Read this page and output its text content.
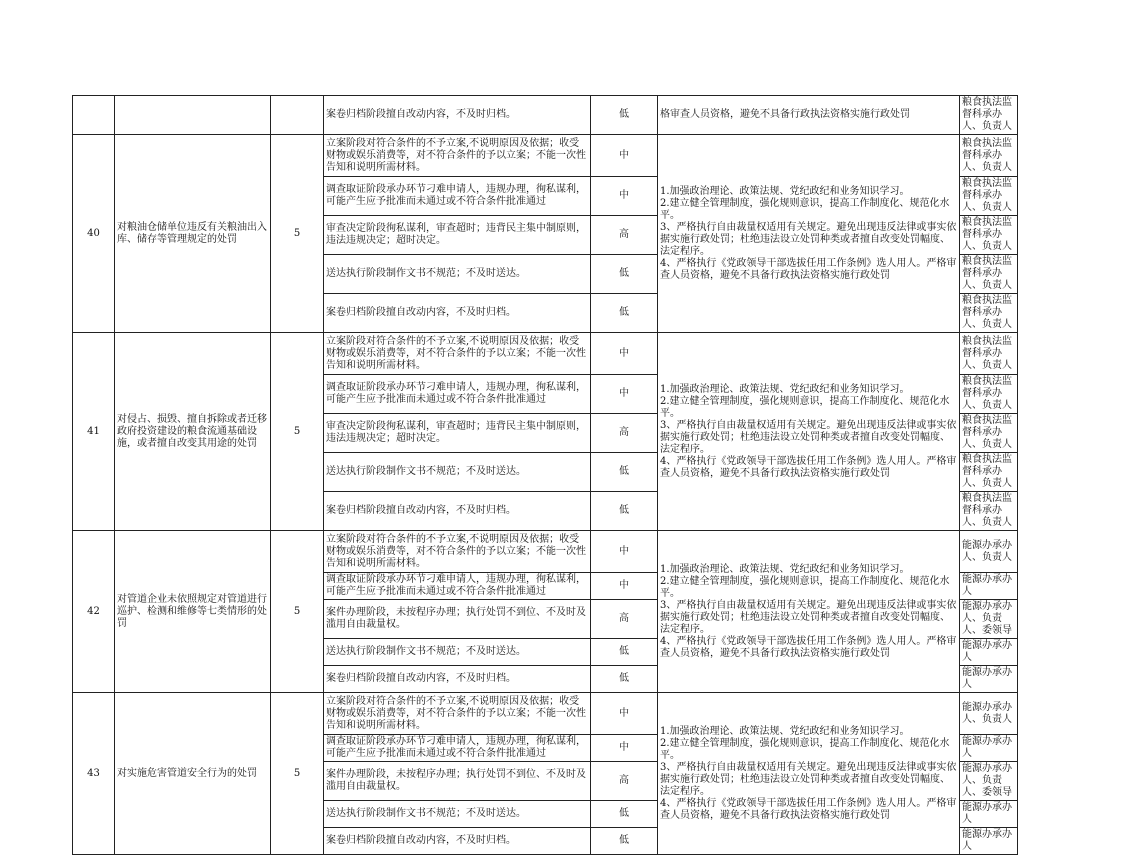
			案卷归档阶段擅自改动内容，不及时归档。	低	格审查人员资格，避免不具备行政执法资格实施行政处罚	粮食执法监督科承办人、负责人
40	对粮油仓储单位违反有关粮油出入库、储存等管理规定的处罚	5	立案阶段对符合条件的不予立案,不说明原因及依据；收受财物或娱乐消费等，对不符合条件的予以立案；不能一次性告知和说明所需材料。	中	1.加强政治理论、政策法规、党纪政纪和业务知识学习。
2.建立健全管理制度，强化规则意识，提高工作制度化、规范化水平。
3、严格执行自由裁量权适用有关规定。避免出现违反法律或事实依据实施行政处罚；杜绝违法设立处罚种类或者擅自改变处罚幅度、法定程序。
4、严格执行《党政领导干部选拔任用工作条例》选人用人。严格审查人员资格，避免不具备行政执法资格实施行政处罚	粮食执法监督科承办人、负责人
			调查取证阶段承办环节刁难申请人，违规办理，徇私谋利，可能产生应予批准而未通过或不符合条件批准通过	中		粮食执法监督科承办人、负责人
			审查决定阶段徇私谋利，审查超时；违背民主集中制原则，违法违规决定；超时决定。	高		粮食执法监督科承办人、负责人
			送达执行阶段制作文书不规范；不及时送达。	低		粮食执法监督科承办人、负责人
			案卷归档阶段擅自改动内容，不及时归档。	低		粮食执法监督科承办人、负责人
41	对侵占、损毁、擅自拆除或者迁移政府投资建设的粮食流通基础设施，或者擅自改变其用途的处罚	5	立案阶段对符合条件的不予立案,不说明原因及依据；收受财物或娱乐消费等，对不符合条件的予以立案；不能一次性告知和说明所需材料。	中	1.加强政治理论、政策法规、党纪政纪和业务知识学习。
2.建立健全管理制度，强化规则意识，提高工作制度化、规范化水平。
3、严格执行自由裁量权适用有关规定。避免出现违反法律或事实依据实施行政处罚；杜绝违法设立处罚种类或者擅自改变处罚幅度、法定程序。
4、严格执行《党政领导干部选拔任用工作条例》选人用人。严格审查人员资格，避免不具备行政执法资格实施行政处罚	粮食执法监督科承办人、负责人
			调查取证阶段承办环节刁难申请人，违规办理，徇私谋利，可能产生应予批准而未通过或不符合条件批准通过	中		粮食执法监督科承办人、负责人
			审查决定阶段徇私谋利，审查超时；违背民主集中制原则，违法违规决定；超时决定。	高		粮食执法监督科承办人、负责人
			送达执行阶段制作文书不规范；不及时送达。	低		粮食执法监督科承办人、负责人
			案卷归档阶段擅自改动内容，不及时归档。	低		粮食执法监督科承办人、负责人
42	对管道企业未依照规定对管道进行巡护、检测和维修等七类情形的处罚	5	立案阶段对符合条件的不予立案,不说明原因及依据；收受财物或娱乐消费等，对不符合条件的予以立案；不能一次性告知和说明所需材料。	中	1.加强政治理论、政策法规、党纪政纪和业务知识学习。
2.建立健全管理制度，强化规则意识，提高工作制度化、规范化水平。
3、严格执行自由裁量权适用有关规定。避免出现违反法律或事实依据实施行政处罚；杜绝违法设立处罚种类或者擅自改变处罚幅度、法定程序。
4、严格执行《党政领导干部选拔任用工作条例》选人用人。严格审查人员资格，避免不具备行政执法资格实施行政处罚	能源办承办人、负责人
			调查取证阶段承办环节刁难申请人，违规办理，徇私谋利，可能产生应予批准而未通过或不符合条件批准通过	中		能源办承办人
			案件办理阶段，未按程序办理；执行处罚不到位、不及时及滥用自由裁量权。	高		能源办承办人、负责人、委领导
			送达执行阶段制作文书不规范；不及时送达。	低		能源办承办人
			案卷归档阶段擅自改动内容，不及时归档。	低		能源办承办人
43	对实施危害管道安全行为的处罚	5	立案阶段对符合条件的不予立案,不说明原因及依据；收受财物或娱乐消费等，对不符合条件的予以立案；不能一次性告知和说明所需材料。	中	1.加强政治理论、政策法规、党纪政纪和业务知识学习。
2.建立健全管理制度，强化规则意识，提高工作制度化、规范化水平。
3、严格执行自由裁量权适用有关规定。避免出现违反法律或事实依据实施行政处罚；杜绝违法设立处罚种类或者擅自改变处罚幅度、法定程序。
4、严格执行《党政领导干部选拔任用工作条例》选人用人。严格审查人员资格，避免不具备行政执法资格实施行政处罚	能源办承办人、负责人
			调查取证阶段承办环节刁难申请人，违规办理，徇私谋利，可能产生应予批准而未通过或不符合条件批准通过	中		能源办承办人
			案件办理阶段，未按程序办理；执行处罚不到位、不及时及滥用自由裁量权。	高		能源办承办人、负责人、委领导
			送达执行阶段制作文书不规范；不及时送达。	低		能源办承办人
			案卷归档阶段擅自改动内容，不及时归档。	低		能源办承办人
